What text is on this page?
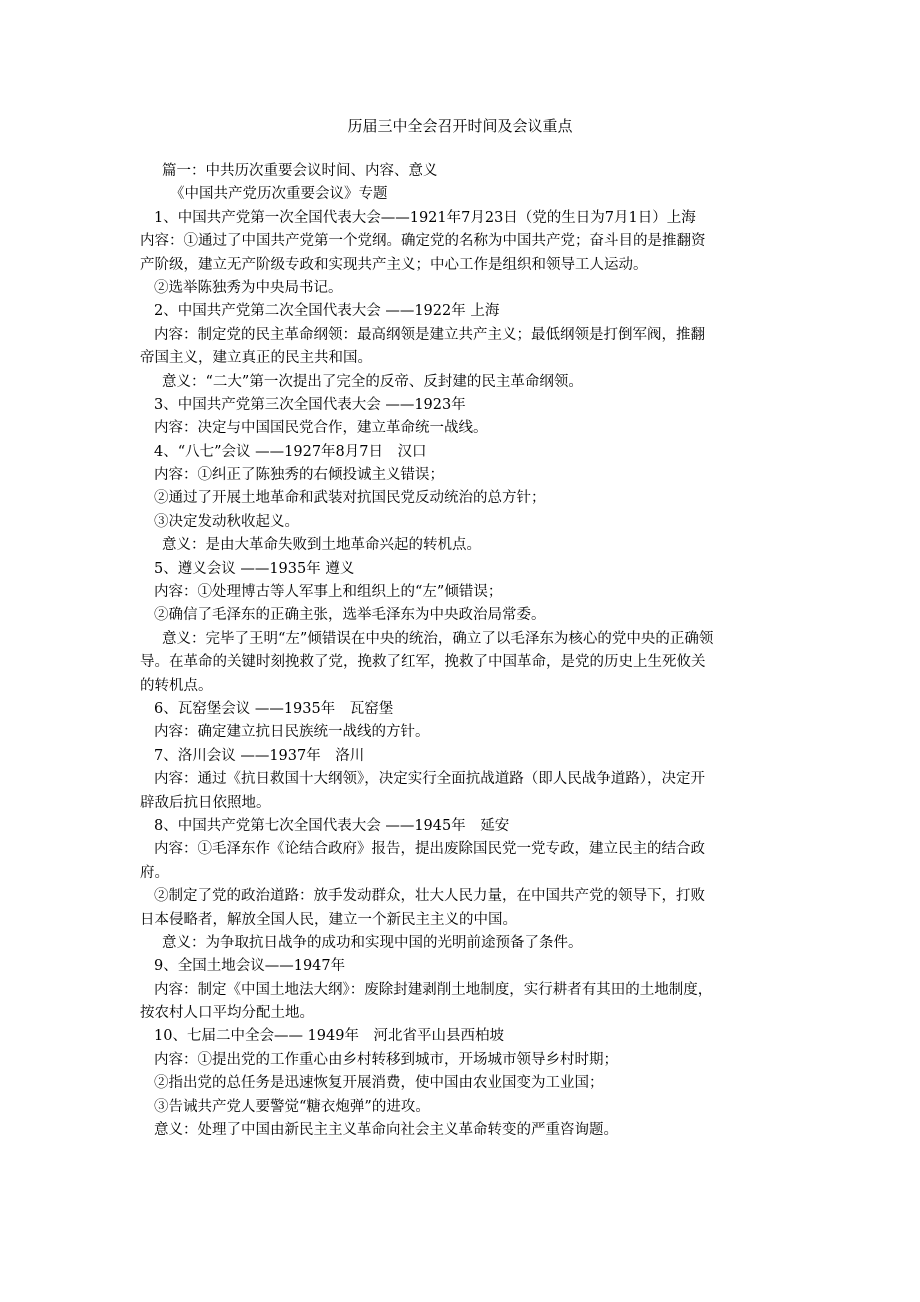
历届三中全会召开时间及会议重点
篇一：中共历次重要会议时间、内容、意义
《中国共产党历次重要会议》专题
1、中国共产党第一次全国代表大会——1921年7月23日（党的生日为7月1日）上海
内容：①通过了中国共产党第一个党纲。确定党的名称为中国共产党；奋斗目的是推翻资
产阶级，建立无产阶级专政和实现共产主义；中心工作是组织和领导工人运动。
②选举陈独秀为中央局书记。
2、中国共产党第二次全国代表大会 ——1922年 上海
内容：制定党的民主革命纲领：最高纲领是建立共产主义；最低纲领是打倒军阀，推翻
帝国主义，建立真正的民主共和国。
意义：“二大”第一次提出了完全的反帝、反封建的民主革命纲领。
3、中国共产党第三次全国代表大会 ——1923年
内容：决定与中国国民党合作，建立革命统一战线。
4、“八七”会议 ——1927年8月7日　汉口
内容：①纠正了陈独秀的右倾投诚主义错误；
②通过了开展土地革命和武装对抗国民党反动统治的总方针；
③决定发动秋收起义。
意义：是由大革命失败到土地革命兴起的转机点。
5、遵义会议 ——1935年 遵义
内容：①处理博古等人军事上和组织上的“左”倾错误；
②确信了毛泽东的正确主张，选举毛泽东为中央政治局常委。
意义：完毕了王明“左”倾错误在中央的统治，确立了以毛泽东为核心的党中央的正确领
导。在革命的关键时刻挽救了党，挽救了红军，挽救了中国革命，是党的历史上生死攸关
的转机点。
6、瓦窑堡会议 ——1935年　瓦窑堡
内容：确定建立抗日民族统一战线的方针。
7、洛川会议 ——1937年　洛川
内容：通过《抗日救国十大纲领》，决定实行全面抗战道路（即人民战争道路），决定开
辟敌后抗日依照地。
8、中国共产党第七次全国代表大会 ——1945年　延安
内容：①毛泽东作《论结合政府》报告，提出废除国民党一党专政，建立民主的结合政
府。
②制定了党的政治道路：放手发动群众，壮大人民力量，在中国共产党的领导下，打败
日本侵略者，解放全国人民，建立一个新民主主义的中国。
意义：为争取抗日战争的成功和实现中国的光明前途预备了条件。
9、全国土地会议——1947年
内容：制定《中国土地法大纲》：废除封建剥削土地制度，实行耕者有其田的土地制度，
按农村人口平均分配土地。
10、七届二中全会—— 1949年　河北省平山县西柏坡
内容：①提出党的工作重心由乡村转移到城市，开场城市领导乡村时期；
②指出党的总任务是迅速恢复开展消费，使中国由农业国变为工业国；
③告诫共产党人要警觉“糖衣炮弹”的进攻。
意义：处理了中国由新民主主义革命向社会主义革命转变的严重咨询题。
